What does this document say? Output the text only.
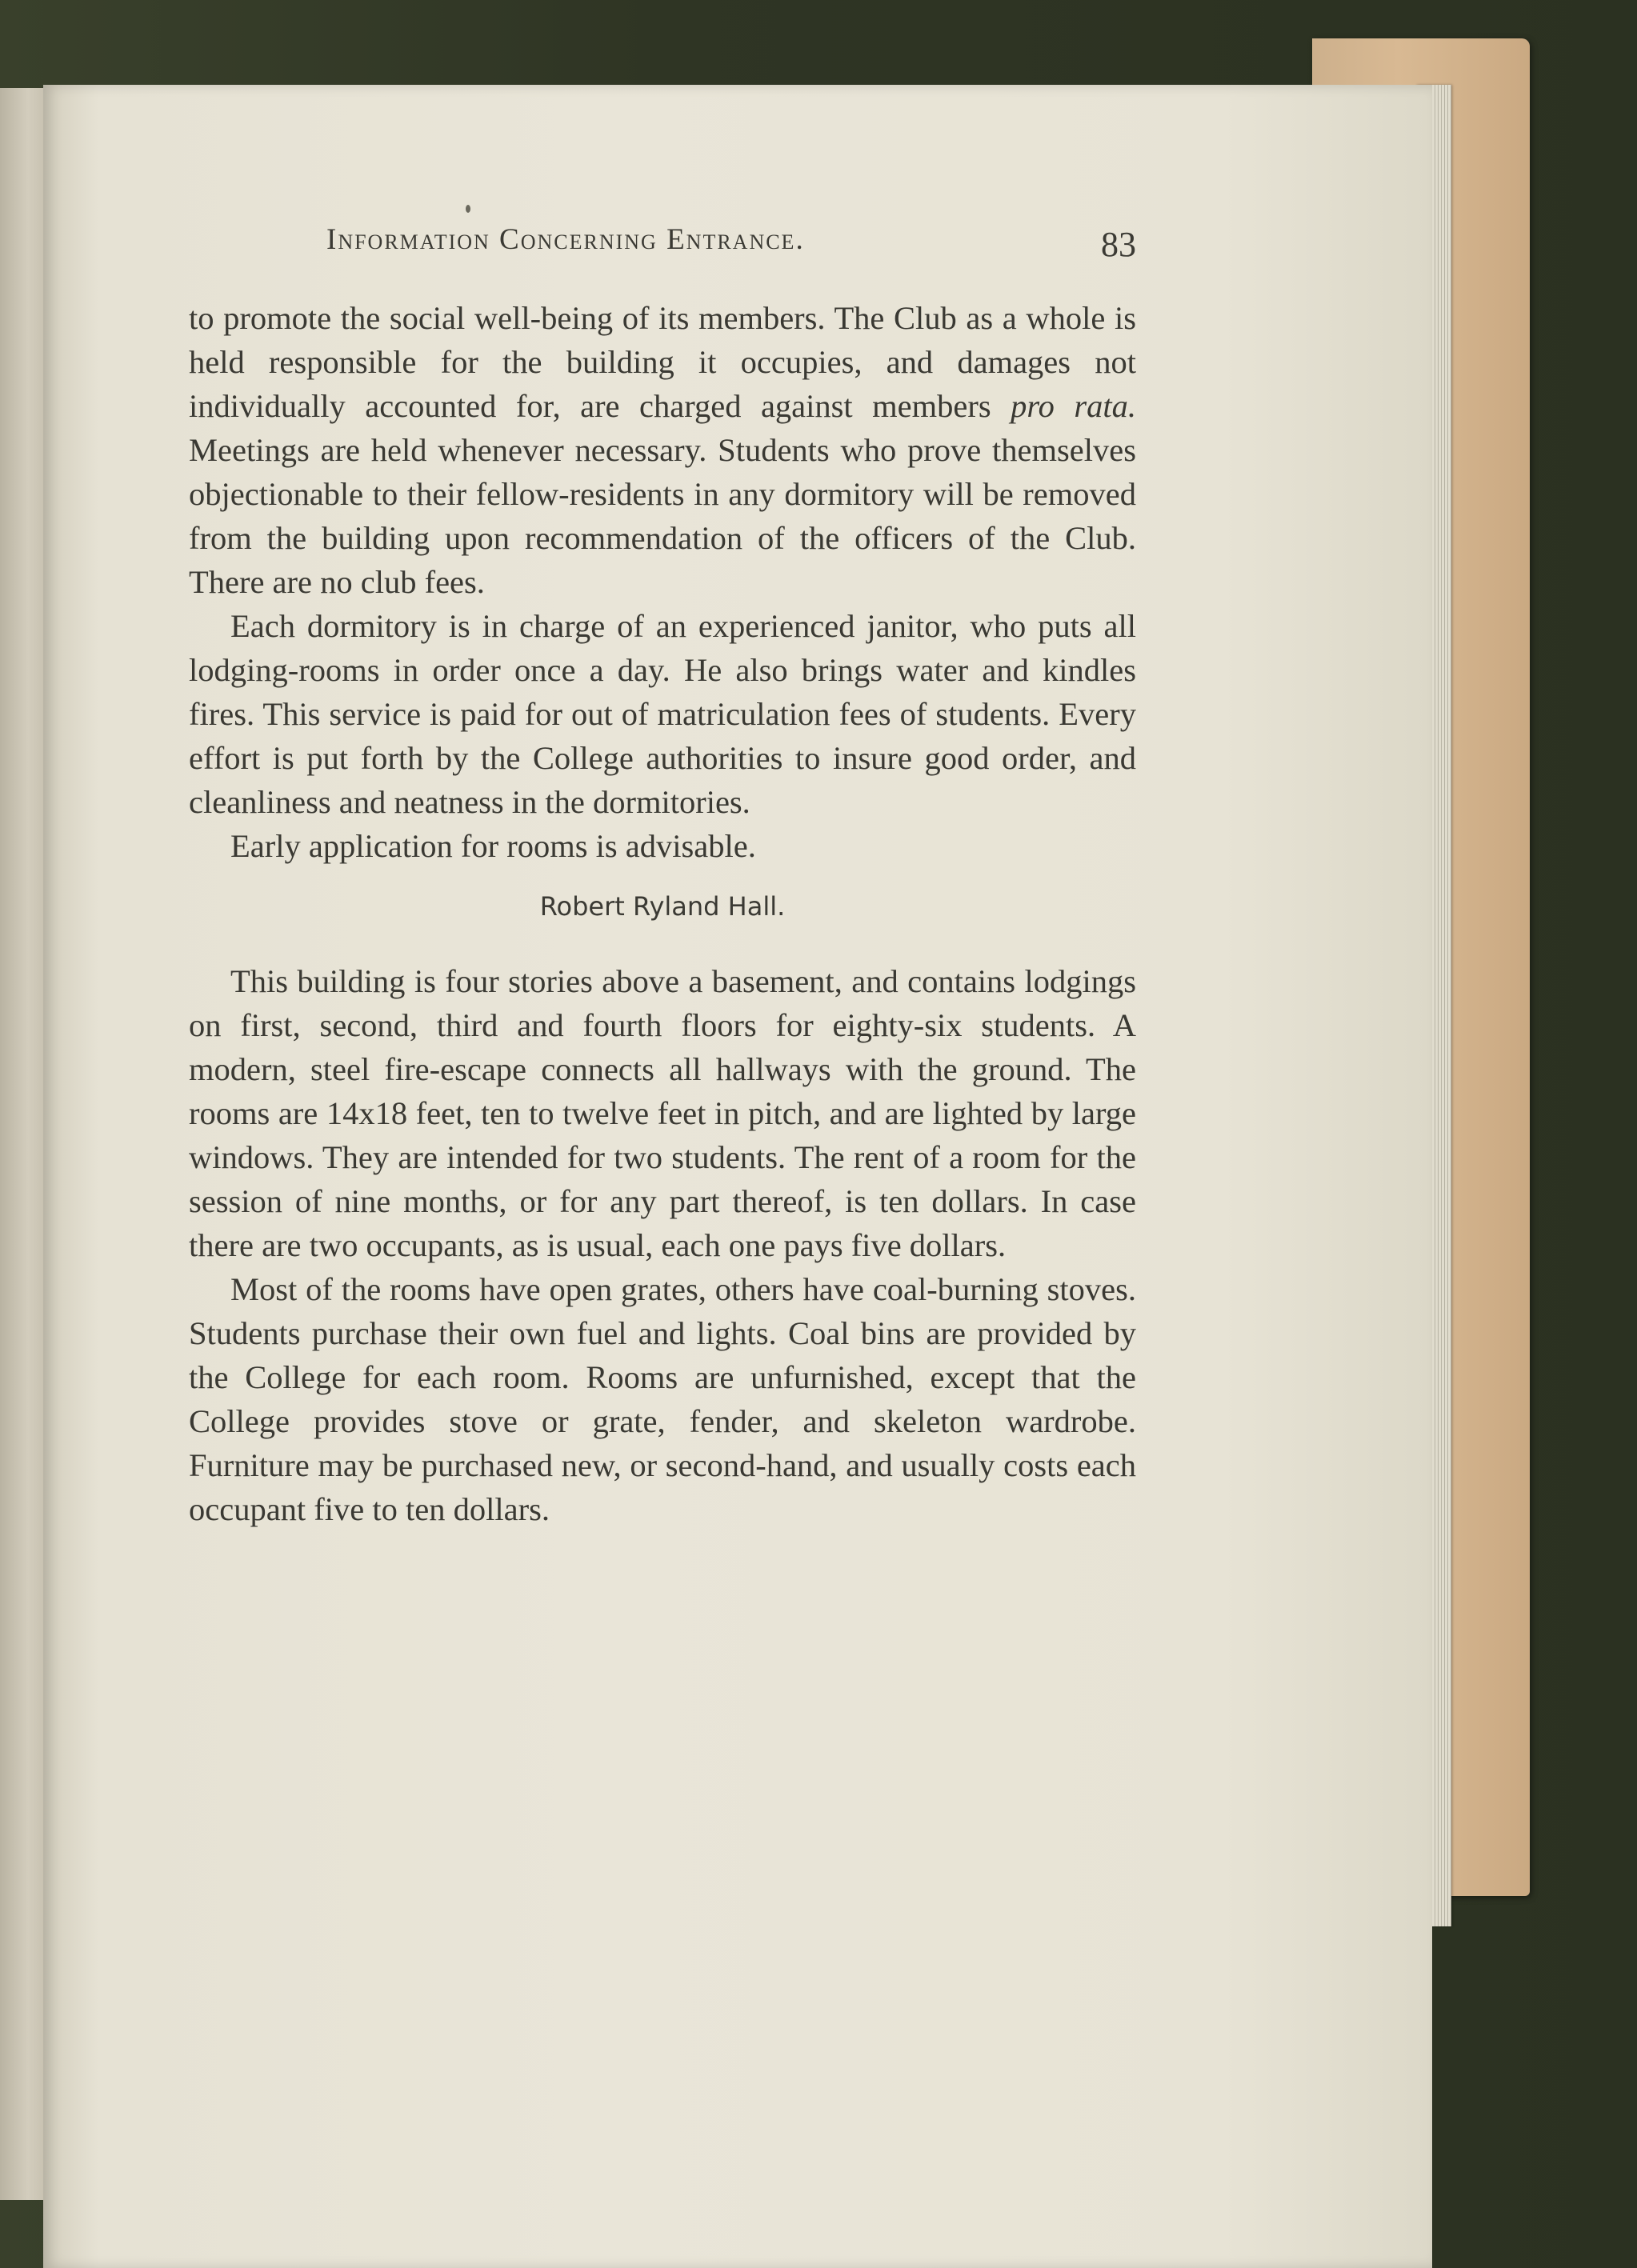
Information Concerning Entrance.	83

to promote the social well-being of its members. The Club as a whole is held responsible for the building it occupies, and damages not individually accounted for, are charged against members pro rata. Meetings are held whenever necessary. Students who prove themselves objectionable to their fellow-residents in any dormitory will be removed from the building upon recommendation of the officers of the Club. There are no club fees.

Each dormitory is in charge of an experienced janitor, who puts all lodging-rooms in order once a day. He also brings water and kindles fires. This service is paid for out of matriculation fees of students. Every effort is put forth by the College authorities to insure good order, and cleanliness and neatness in the dormitories.

Early application for rooms is advisable.

Robert Ryland Hall.

This building is four stories above a basement, and contains lodgings on first, second, third and fourth floors for eighty-six students. A modern, steel fire-escape connects all hallways with the ground. The rooms are 14x18 feet, ten to twelve feet in pitch, and are lighted by large windows. They are intended for two students. The rent of a room for the session of nine months, or for any part thereof, is ten dollars. In case there are two occupants, as is usual, each one pays five dollars.

Most of the rooms have open grates, others have coal-burning stoves. Students purchase their own fuel and lights. Coal bins are provided by the College for each room. Rooms are unfurnished, except that the College provides stove or grate, fender, and skeleton wardrobe. Furniture may be purchased new, or second-hand, and usually costs each occupant five to ten dollars.
